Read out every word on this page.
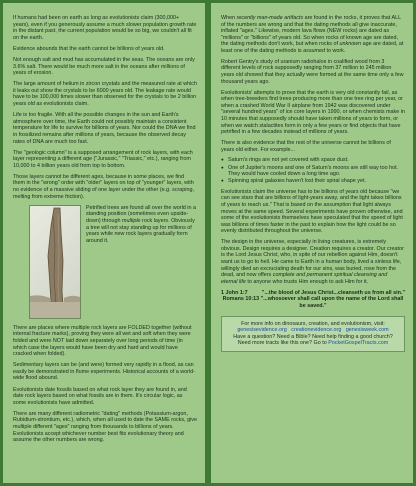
If humans had been on earth as long as evolutionists claim (300,000+ years), even if you generously assume a much slower population growth rate in the distant past, the current population would be so big, we couldn't all fit on the earth.

Evidence abounds that the earth cannot be billions of years old.

Not enough salt and mud has accumulated in the seas. The oceans are only 3.6% salt. There would be much more salt in the oceans after millions of years of erosion.

The large amount of helium in zircon crystals and the measured rate at which it leaks out show the crystals to be 6000 years old. The leakage rate would have to be 100,000 times slower than observed for the crystals to be 2 billion years old as evolutionists claim.

Life is too fragile. With all the possible changes in the sun and Earth's atmosphere over time, the Earth could not possibly maintain a consistent temperature for life to survive for billions of years. Nor could the DNA we find in fossilized remains after millions of years, because the observed decay rates of DNA are much too fast.

The "geologic column" is a supposed arrangement of rock layers, with each layer representing a different age ("Jurassic," "Triassic," etc.), ranging from 10,000 to 4 billion years old from top to bottom.

Those layers cannot be different ages, because in some places, we find them in the "wrong" order with "older" layers on top of "younger" layers, with no evidence of a massive sliding of one layer under the other (e.g. scraping, melting from extreme friction).

Petrified trees are found all over the world in a standing position (sometimes even upside-down) through multiple rock layers. Obviously a tree will not stay standing up for millions of years while new rock layers gradually form around it.

There are places where multiple rock layers are FOLDED together (without internal fracture marks), proving they were all wet and soft when they were folded and were NOT laid down separately over long periods of time (in which case the layers would have been dry and hard and would have cracked when folded).

Sedimentary layers can be (and were) formed very rapidly in a flood, as can easily be demonstrated in flume experiments. Historical accounts of a world-wide flood abound.

Evolutionists date fossils based on what rock layer they are found in, and date rock layers based on what fossils are in them. It's circular logic, as some evolutionists have admitted.

There are many different radiometric "dating" methods (Potassium-argon, Rubidium-strontium, etc.), which, when all used to date the SAME rocks, give multiple different "ages" ranging from thousands to billions of years. Evolutionists accept whichever number best fits evolutionary theory and assume the other numbers are wrong.

When recently man-made artifacts are found in the rocks, it proves that ALL of the numbers are wrong and that the dating methods all give inaccurate, inflated "ages." Likewise, modern lava flows (NEW rocks) are dated as "millions" or "billions" of years old. So when rocks of known age are dated, the dating methods don't work, but when rocks of unknown age are dated, at least one of the dating methods is assumed to work.

Robert Gentry's study of uranium radiohalos in coalified wood from 3 different levels of rock supposedly ranging from 37 million to 245 million years old showed that they actually were formed at the same time only a few thousand years ago.

Evolutionists' attempts to prove that the earth is very old constantly fail, as when tree-breeders find trees producing more than one tree ring per year, or when a crashed World War II airplane from 1942 was discovered under "several hundred years" of ice core layers in 1990, or when chemists make in 10 minutes that supposedly should have taken millions of years to form, or when we watch stalactites form in only a few years or find objects that have petrified in a few decades instead of millions of years.

There is also evidence that the rest of the universe cannot be billions of years old either. For example...

● Saturn's rings are not yet covered with space dust.
● One of Jupiter's moons and one of Saturn's moons are still way too hot. They would have cooled down a long time ago.
● Spinning spiral galaxies haven't lost their spiral shape yet.

Evolutionists claim the universe has to be billions of years old because "we can see stars that are billions of light-years away, and the light takes billions of years to reach us." That is based on the assumption that light always moves at the same speed. Several experiments have proven otherwise, and some of the evolutionists themselves have speculated that the speed of light was billions of times faster in the past to explain how the light could be so evenly distributed throughout the universe.

The design in the universe, especially in living creatures, is extremely obvious. Design requires a designer. Creation requires a creator. Our creator is the Lord Jesus Christ, who, in spite of our rebellion against Him, doesn't want us to go to hell. He came to Earth in a human body, lived a sinless life, willingly died an excruciating death for our sins, was buried, rose from the dead, and now offers complete and permanent spiritual cleansing and eternal life to anyone who trusts Him enough to ask Him for it.

1 John 1:7	"...the blood of Jesus Christ...cleanseth us from all sin."
Romans 10:13 "...whosoever shall call upon the name of the Lord shall be saved."
For more info on dinosaurs, creation, and evolutionism, visit:
genesisevidence.org creationevidence.org genesisweek.com
Have a question? Need a Bible? Need help finding a good church?
Need more tracts like this one? Go to PocketGospelTracts.com
